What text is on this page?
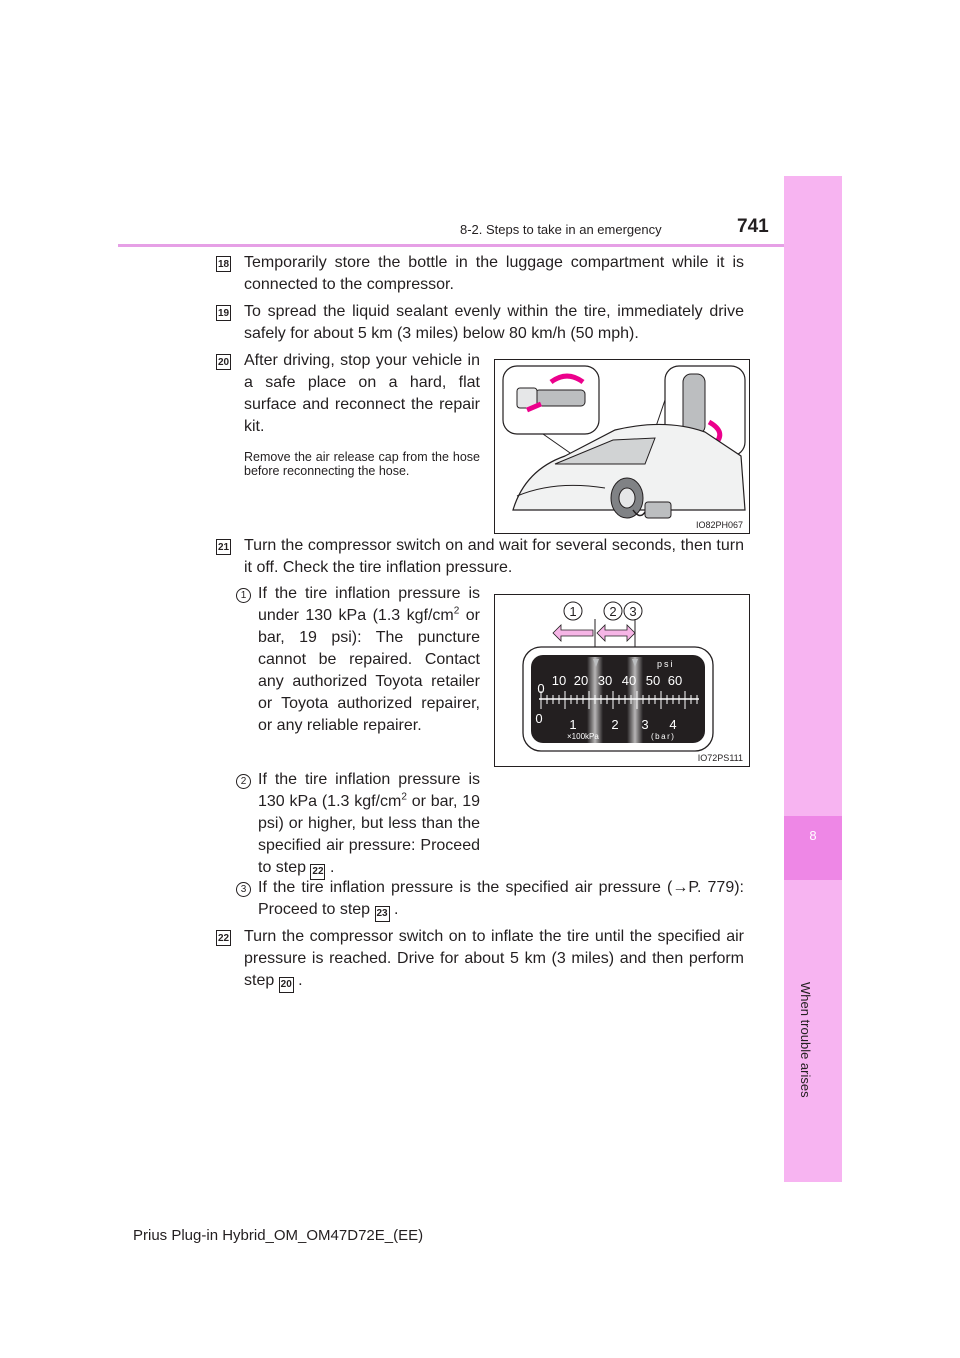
8-2. Steps to take in an emergency	741
8
When trouble arises
18 Temporarily store the bottle in the luggage compartment while it is connected to the compressor.
19 To spread the liquid sealant evenly within the tire, immediately drive safely for about 5 km (3 miles) below 80 km/h (50 mph).
20 After driving, stop your vehicle in a safe place on a hard, flat surface and reconnect the repair kit.
Remove the air release cap from the hose before reconnecting the hose.
IO82PH067
21 Turn the compressor switch on and wait for several seconds, then turn it off. Check the tire inflation pressure.
1 If the tire inflation pressure is under 130 kPa (1.3 kgf/$cm^2$ or bar, 19 psi): The puncture cannot be repaired. Contact any authorized Toyota retailer or Toyota authorized repairer, or any reliable repairer.
2 If the tire inflation pressure is 130 kPa (1.3 kgf/$cm^2$ or bar, 19 psi) or higher, but less than the specified air pressure: Proceed to step 22 .
1	2 3
psi
0
10 20 30 40 50 60
0 1	2 3 4
×100kPa	(bar)
IO72PS111
3 If the tire inflation pressure is the specified air pressure (→P. 779): Proceed to step 23 .
22 Turn the compressor switch on to inflate the tire until the specified air pressure is reached. Drive for about 5 km (3 miles) and then perform step 20 .
Prius Plug-in Hybrid_OM_OM47D72E_(EE)
